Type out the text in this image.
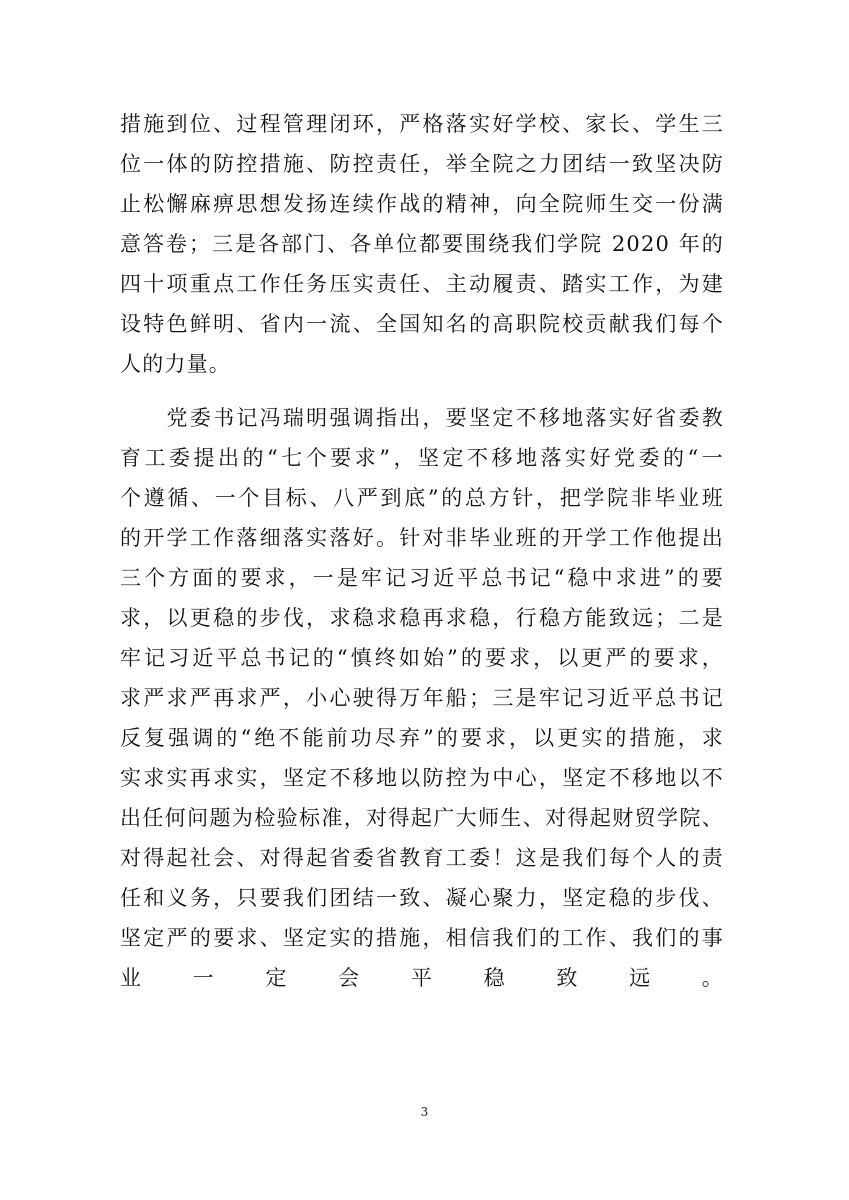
措施到位、过程管理闭环，严格落实好学校、家长、学生三
位一体的防控措施、防控责任，举全院之力团结一致坚决防
止松懈麻痹思想发扬连续作战的精神，向全院师生交一份满
意答卷；三是各部门、各单位都要围绕我们学院 2020 年的
四十项重点工作任务压实责任、主动履责、踏实工作，为建
设特色鲜明、省内一流、全国知名的高职院校贡献我们每个
人的力量。
　　党委书记冯瑞明强调指出，要坚定不移地落实好省委教
育工委提出的“七个要求”，坚定不移地落实好党委的“一
个遵循、一个目标、八严到底”的总方针，把学院非毕业班
的开学工作落细落实落好。针对非毕业班的开学工作他提出
三个方面的要求，一是牢记习近平总书记“稳中求进”的要
求，以更稳的步伐，求稳求稳再求稳，行稳方能致远；二是
牢记习近平总书记的“慎终如始”的要求，以更严的要求，
求严求严再求严，小心驶得万年船；三是牢记习近平总书记
反复强调的“绝不能前功尽弃”的要求，以更实的措施，求
实求实再求实，坚定不移地以防控为中心，坚定不移地以不
出任何问题为检验标准，对得起广大师生、对得起财贸学院、
对得起社会、对得起省委省教育工委！这是我们每个人的责
任和义务，只要我们团结一致、凝心聚力，坚定稳的步伐、
坚定严的要求、坚定实的措施，相信我们的工作、我们的事
业一定会平稳致远。
3
